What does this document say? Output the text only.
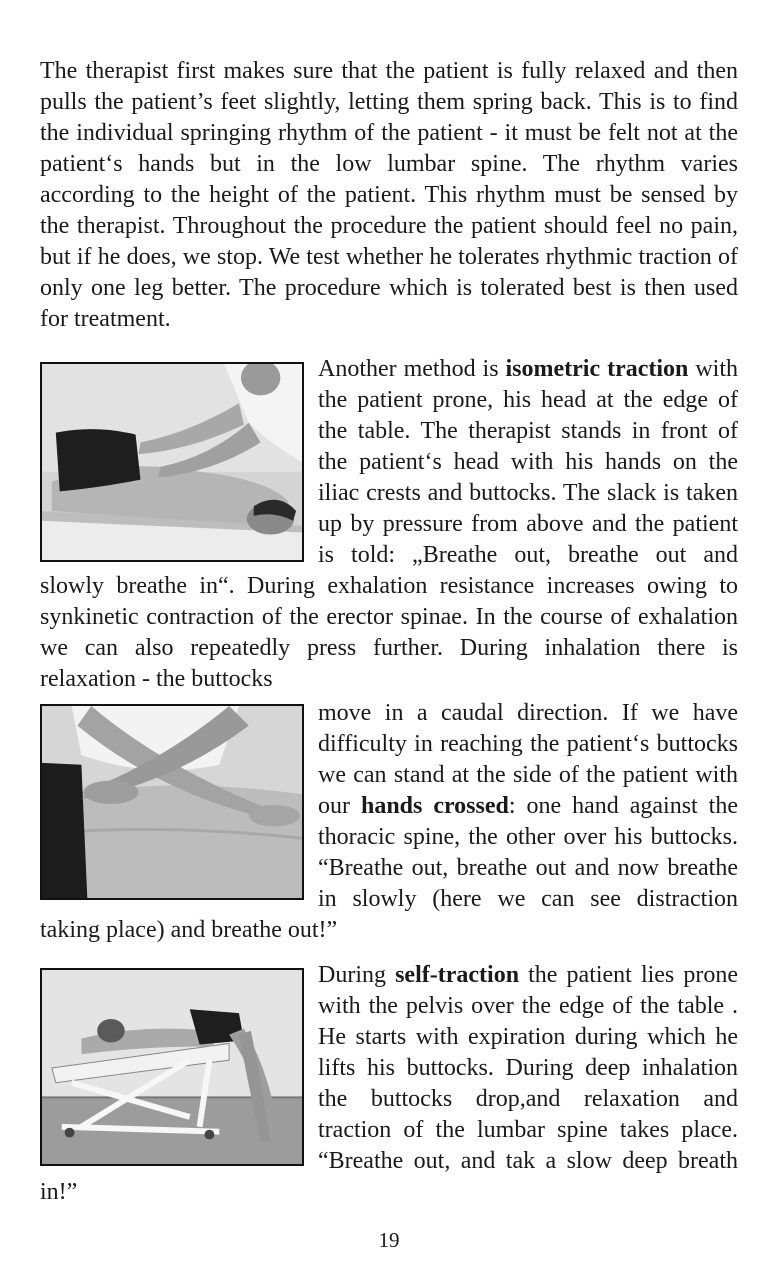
The therapist first makes sure that the patient is fully relaxed and then pulls the patient’s feet slightly, letting them spring back. This is to find the individual springing rhythm of the patient - it must be felt not at the patient‘s hands but in the low lumbar spine. The rhythm varies according to the height of the patient. This rhythm must be sensed by the therapist. Throughout the procedure the patient should feel no pain, but if he does, we stop. We test whether he tolerates rhythmic traction of only one leg better. The procedure which is tolerated best is then used for treatment.

Another method is isometric traction with the patient prone, his head at the edge of the table. The therapist stands in front of the patient‘s head with his hands on the iliac crests and buttocks. The slack is taken up by pressure from above and the patient is told: „Breathe out, breathe out and slowly breathe in“. During exhalation resistance increases owing to synkinetic contraction of the erector spinae. In the course of exhalation we can also repeatedly press further. During inhalation there is relaxation - the buttocks

move in a caudal direction. If we have difficulty in reaching the patient‘s buttocks we can stand at the side of the patient with our hands crossed: one hand against the thoracic spine, the other over his buttocks. “Breathe out, breathe out and now breathe in slowly (here we can see distraction taking place) and breathe out!”

During self-traction the patient lies prone with the pelvis over the edge of the table . He starts with expiration during which he lifts his buttocks. During deep inhalation the buttocks drop,and relaxation and traction of the lumbar spine takes place. “Breathe out, and tak a slow deep breath in!”

19
